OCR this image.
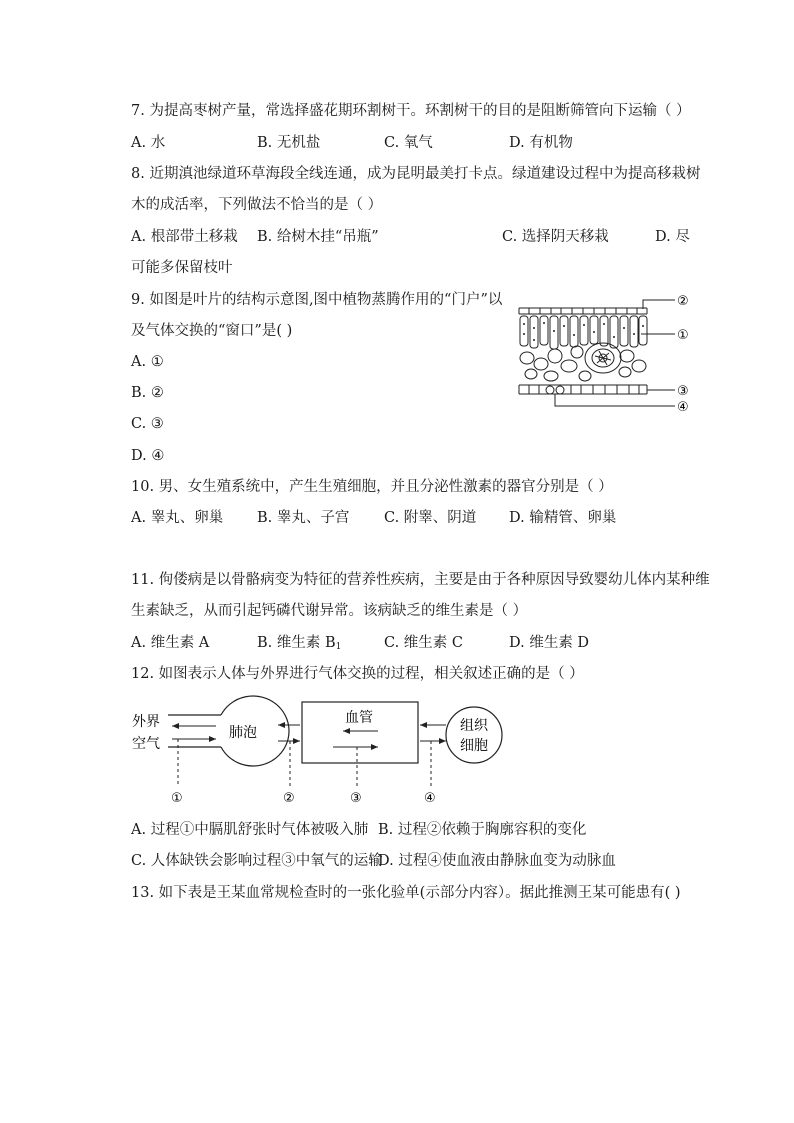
7. 为提高枣树产量，常选择盛花期环割树干。环割树干的目的是阻断筛管向下运输（ ）
A. 水	B. 无机盐	C. 氧气	D. 有机物
8. 近期滇池绿道环草海段全线连通，成为昆明最美打卡点。绿道建设过程中为提高移栽树
木的成活率，下列做法不恰当的是（ ）
A. 根部带土移栽 B. 给树木挂“吊瓶”	C. 选择阴天移栽	D. 尽
可能多保留枝叶
9. 如图是叶片的结构示意图,图中植物蒸腾作用的“门户”以
及气体交换的“窗口”是( )
A. ①
B. ②
C. ③
D. ④
②
①
③
④
10. 男、女生殖系统中，产生生殖细胞，并且分泌性激素的器官分别是（ ）
A. 睾丸、卵巢 B. 睾丸、子宫 C. 附睾、阴道 D. 输精管、卵巢
11. 佝偻病是以骨骼病变为特征的营养性疾病，主要是由于各种原因导致婴幼儿体内某种维
生素缺乏，从而引起钙磷代谢异常。该病缺乏的维生素是（ ）
A. 维生素 A	B. 维生素 $B_1$	C. 维生素 C	D. 维生素 D
12. 如图表示人体与外界进行气体交换的过程，相关叙述正确的是（ ）
外界
空气
肺泡
血管	组织
细胞
①	②	③	④
A. 过程①中膈肌舒张时气体被吸入肺 B. 过程②依赖于胸廓容积的变化
C. 人体缺铁会影响过程③中氧气的运输
D. 过程④使血液由静脉血变为动脉血
13. 如下表是王某血常规检查时的一张化验单(示部分内容）。据此推测王某可能患有( )
